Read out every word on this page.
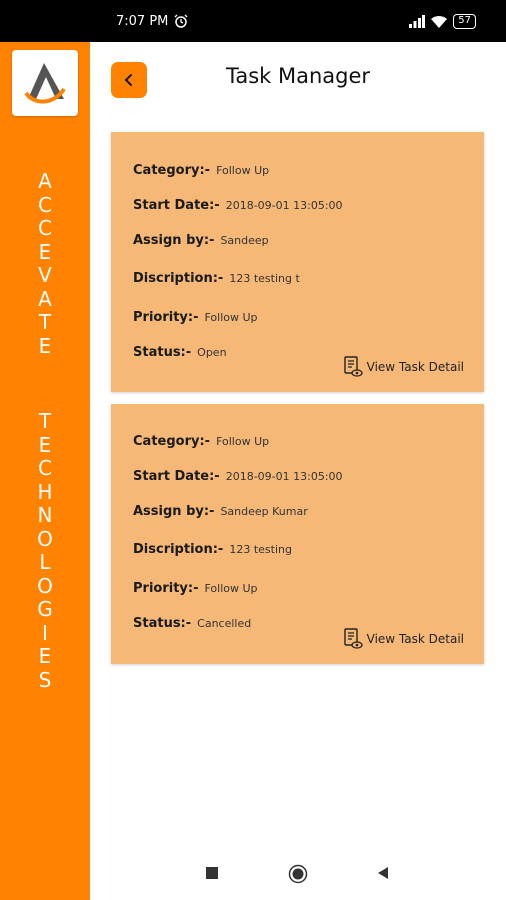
7:07 PM	57
A
C
C
E
V
A
T
E
T
E
C
H
N
O
L
O
G
I
E
S
Task Manager
Category:- Follow Up
Start Date:- 2018-09-01 13:05:00
Assign by:- Sandeep
Discription:- 123 testing t
Priority:- Follow Up
Status:- Open
View Task Detail
Category:- Follow Up
Start Date:- 2018-09-01 13:05:00
Assign by:- Sandeep Kumar
Discription:- 123 testing
Priority:- Follow Up
Status:- Cancelled
View Task Detail
